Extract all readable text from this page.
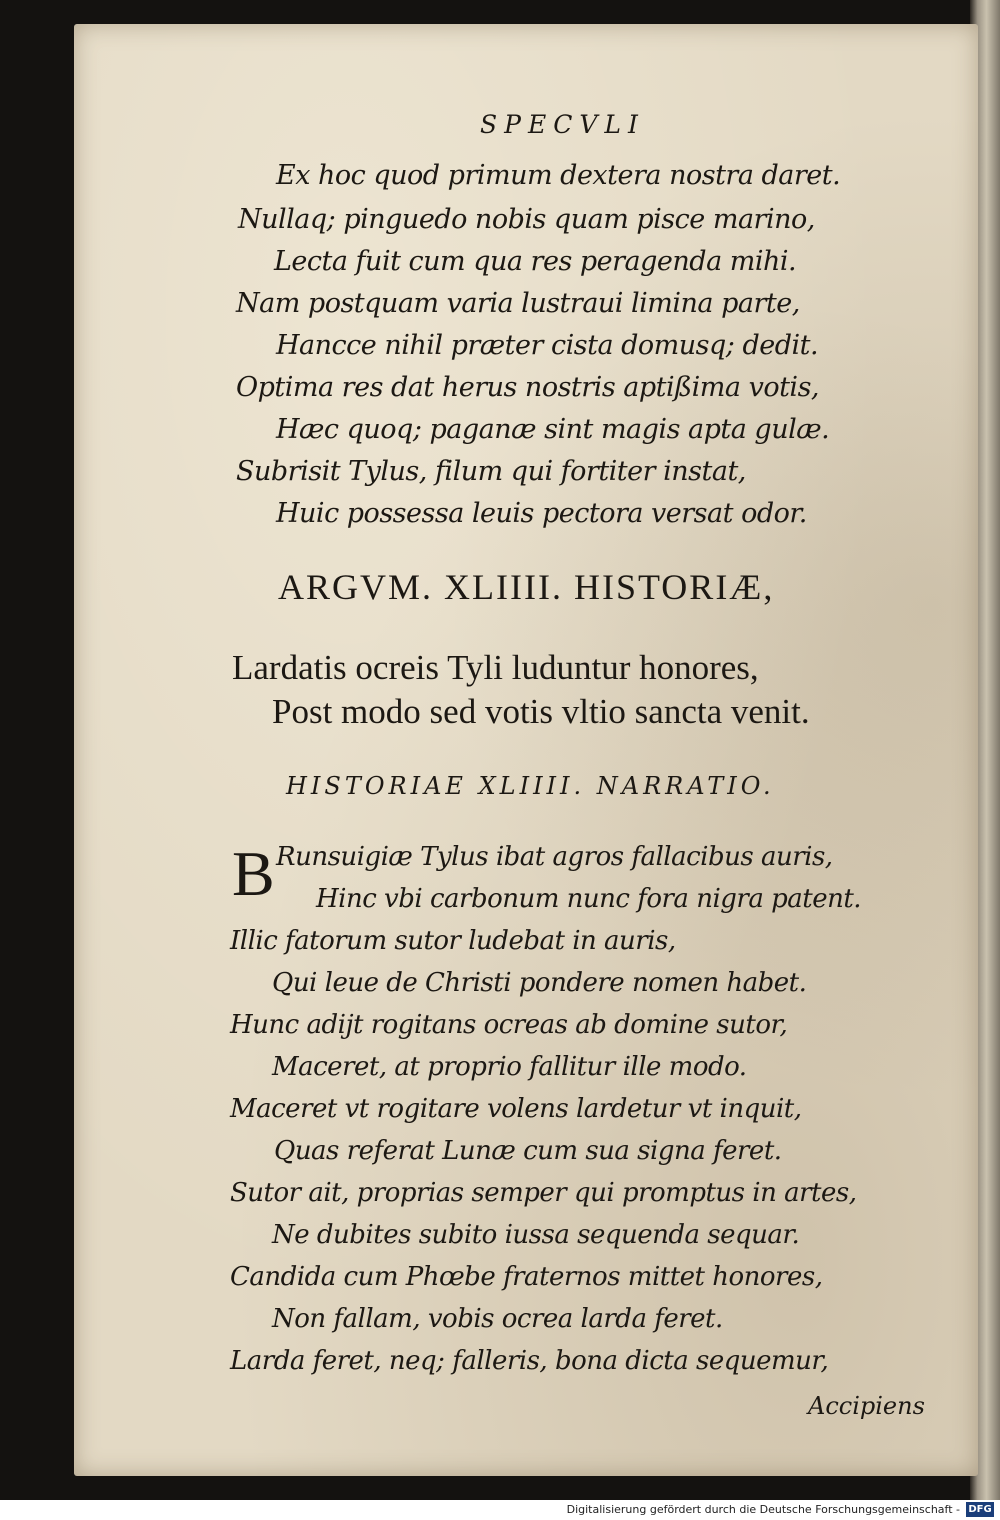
SPECVLI
Ex hoc quod primum dextera nostra daret.
Nullaq; pinguedo nobis quam pisce marino,
Lecta fuit cum qua res peragenda mihi.
Nam postquam varia lustraui limina parte,
Hancce nihil præter cista domusq; dedit.
Optima res dat herus nostris aptißima votis,
Hæc quoq; paganæ sint magis apta gulæ.
Subrisit Tylus, filum qui fortiter instat,
Huic possessa leuis pectora versat odor.
ARGVM. XLIIII. HISTORIÆ,
Lardatis ocreis Tyli luduntur honores,
Post modo sed votis vltio sancta venit.
HISTORIAE XLIIII. NARRATIO.
B Runsuigiæ Tylus ibat agros fallacibus auris,
Hinc vbi carbonum nunc fora nigra patent.
Illic fatorum sutor ludebat in auris,
Qui leue de Christi pondere nomen habet.
Hunc adijt rogitans ocreas ab domine sutor,
Maceret, at proprio fallitur ille modo.
Maceret vt rogitare volens lardetur vt inquit,
Quas referat Lunæ cum sua signa feret.
Sutor ait, proprias semper qui promptus in artes,
Ne dubites subito iussa sequenda sequar.
Candida cum Phœbe fraternos mittet honores,
Non fallam, vobis ocrea larda feret.
Larda feret, neq; falleris, bona dicta sequemur,
Accipiens
Digitalisierung gefördert durch die Deutsche Forschungsgemeinschaft - DFG
